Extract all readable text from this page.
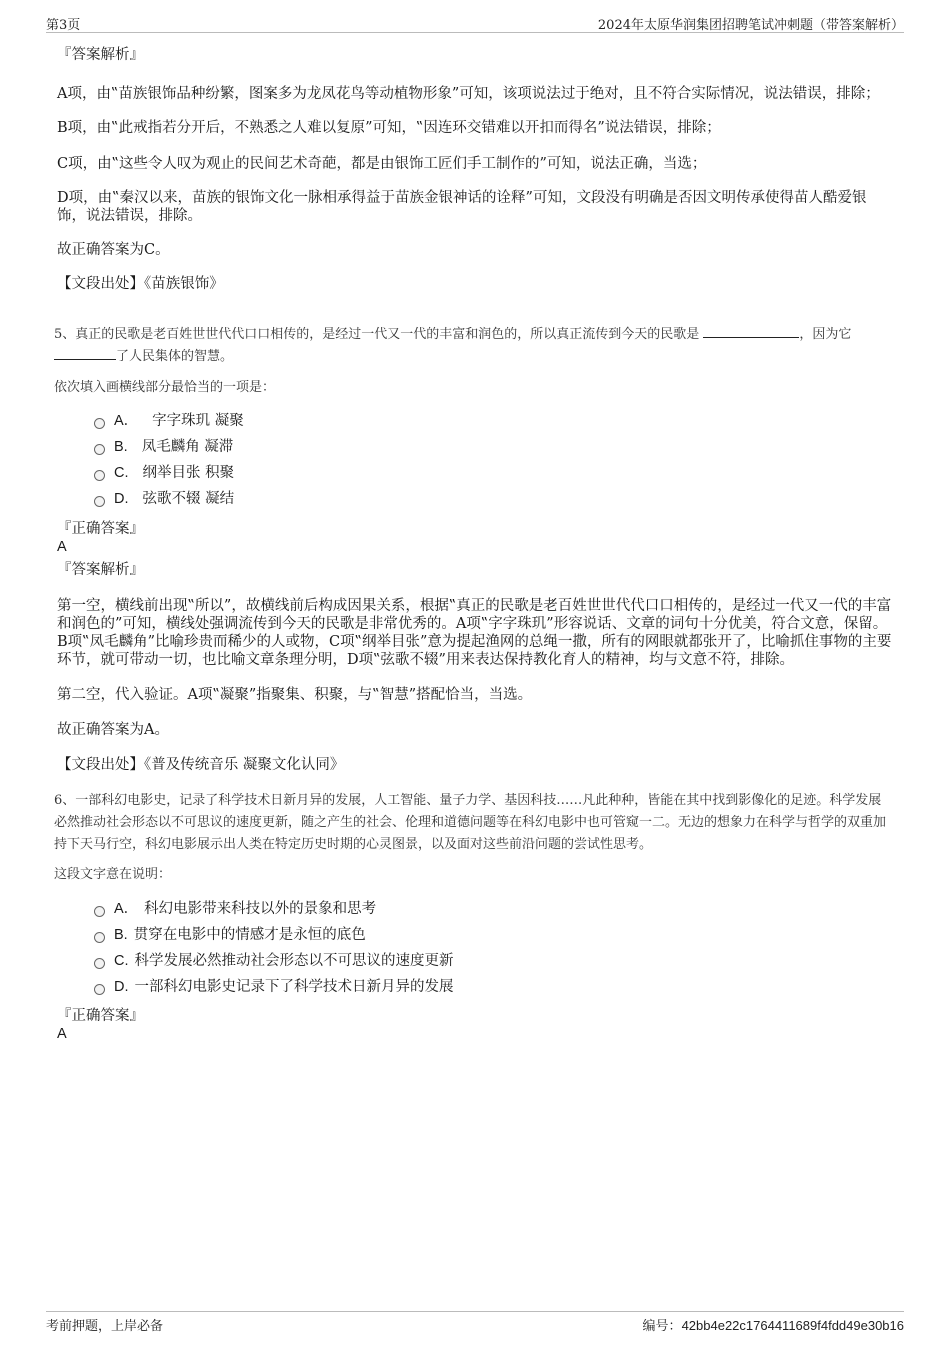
第3页	2024年太原华润集团招聘笔试冲刺题（带答案解析）

『答案解析』

A项，由‟苗族银饰品种纷繁，图案多为龙凤花鸟等动植物形象”可知，该项说法过于绝对，且不符合实际情况，说法错误，排除；

B项，由‟此戒指若分开后，不熟悉之人难以复原”可知，‟因连环交错难以开扣而得名”说法错误，排除；

C项，由‟这些令人叹为观止的民间艺术奇葩，都是由银饰工匠们手工制作的”可知，说法正确，当选；

D项，由‟秦汉以来，苗族的银饰文化一脉相承得益于苗族金银神话的诠释”可知，文段没有明确是否因文明传承使得苗人酷爱银饰，说法错误，排除。

故正确答案为C。

【文段出处】《苗族银饰》

5、真正的民歌是老百姓世世代代口口相传的，是经过一代又一代的丰富和润色的，所以真正流传到今天的民歌是	，因为它
了人民集体的智慧。

依次填入画横线部分最恰当的一项是：

A． 字字珠玑 凝聚
B. 凤毛麟角 凝滞
C. 纲举目张 积聚
D. 弦歌不辍 凝结

『正确答案』

A

『答案解析』

第一空，横线前出现‟所以”，故横线前后构成因果关系，根据‟真正的民歌是老百姓世世代代口口相传的，是经过一代又一代的丰富和润色的”可知，横线处强调流传到今天的民歌是非常优秀的。A项‟字字珠玑”形容说话、文章的词句十分优美，符合文意，保留。B项‟凤毛麟角”比喻珍贵而稀少的人或物，C项‟纲举目张”意为提起渔网的总绳一撒，所有的网眼就都张开了，比喻抓住事物的主要环节，就可带动一切，也比喻文章条理分明，D项‟弦歌不辍”用来表达保持教化育人的精神，均与文意不符，排除。

第二空，代入验证。A项‟凝聚”指聚集、积聚，与‟智慧”搭配恰当，当选。

故正确答案为A。

【文段出处】《普及传统音乐 凝聚文化认同》

6、一部科幻电影史，记录了科学技术日新月异的发展，人工智能、量子力学、基因科技……凡此种种，皆能在其中找到影像化的足迹。科学发展必然推动社会形态以不可思议的速度更新，随之产生的社会、伦理和道德问题等在科幻电影中也可管窥一二。无边的想象力在科学与哲学的双重加持下天马行空，科幻电影展示出人类在特定历史时期的心灵图景，以及面对这些前沿问题的尝试性思考。

这段文字意在说明：

A． 科幻电影带来科技以外的景象和思考
B. 贯穿在电影中的情感才是永恒的底色
C. 科学发展必然推动社会形态以不可思议的速度更新
D. 一部科幻电影史记录下了科学技术日新月异的发展

『正确答案』

A

考前押题，上岸必备	编号：42bb4e22c1764411689f4fdd49e30b16
